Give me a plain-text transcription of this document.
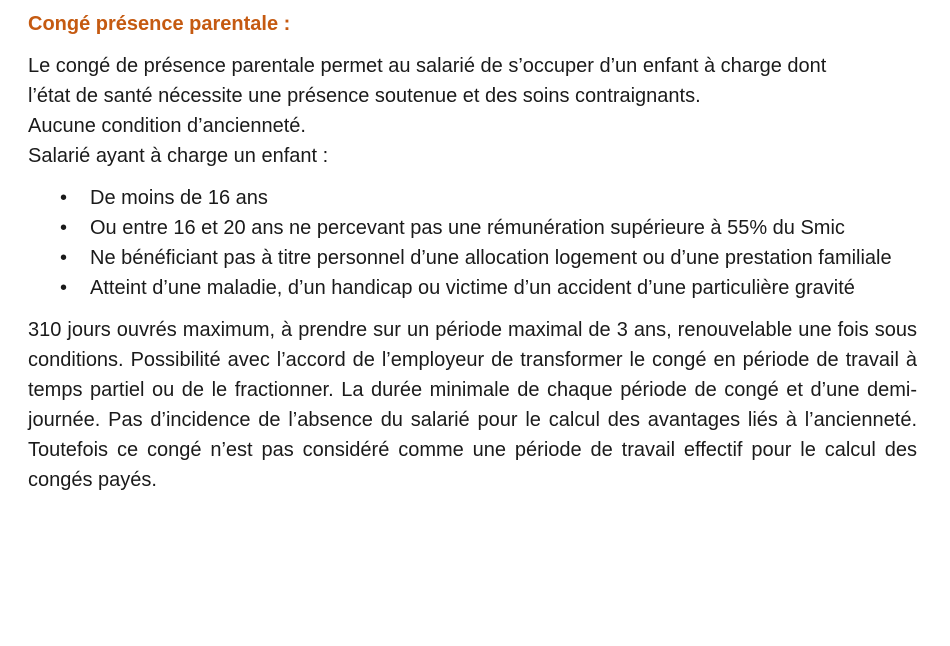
Congé présence parentale :

Le congé de présence parentale permet au salarié de s’occuper d’un enfant à charge dont
l’état de santé nécessite une présence soutenue et des soins contraignants.
Aucune condition d’ancienneté.
Salarié ayant à charge un enfant :

• De moins de 16 ans
• Ou entre 16 et 20 ans ne percevant pas une rémunération supérieure à 55% du Smic
• Ne bénéficiant pas à titre personnel d’une allocation logement ou d’une prestation familiale
• Atteint d’une maladie, d’un handicap ou victime d’un accident d’une particulière gravité

310 jours ouvrés maximum, à prendre sur un période maximal de 3 ans, renouvelable une fois sous conditions. Possibilité avec l’accord de l’employeur de transformer le congé en période de travail à temps partiel ou de le fractionner. La durée minimale de chaque période de congé et d’une demi-journée. Pas d’incidence de l’absence du salarié pour le calcul des avantages liés à l’ancienneté. Toutefois ce congé n’est pas considéré comme une période de travail effectif pour le calcul des congés payés.
